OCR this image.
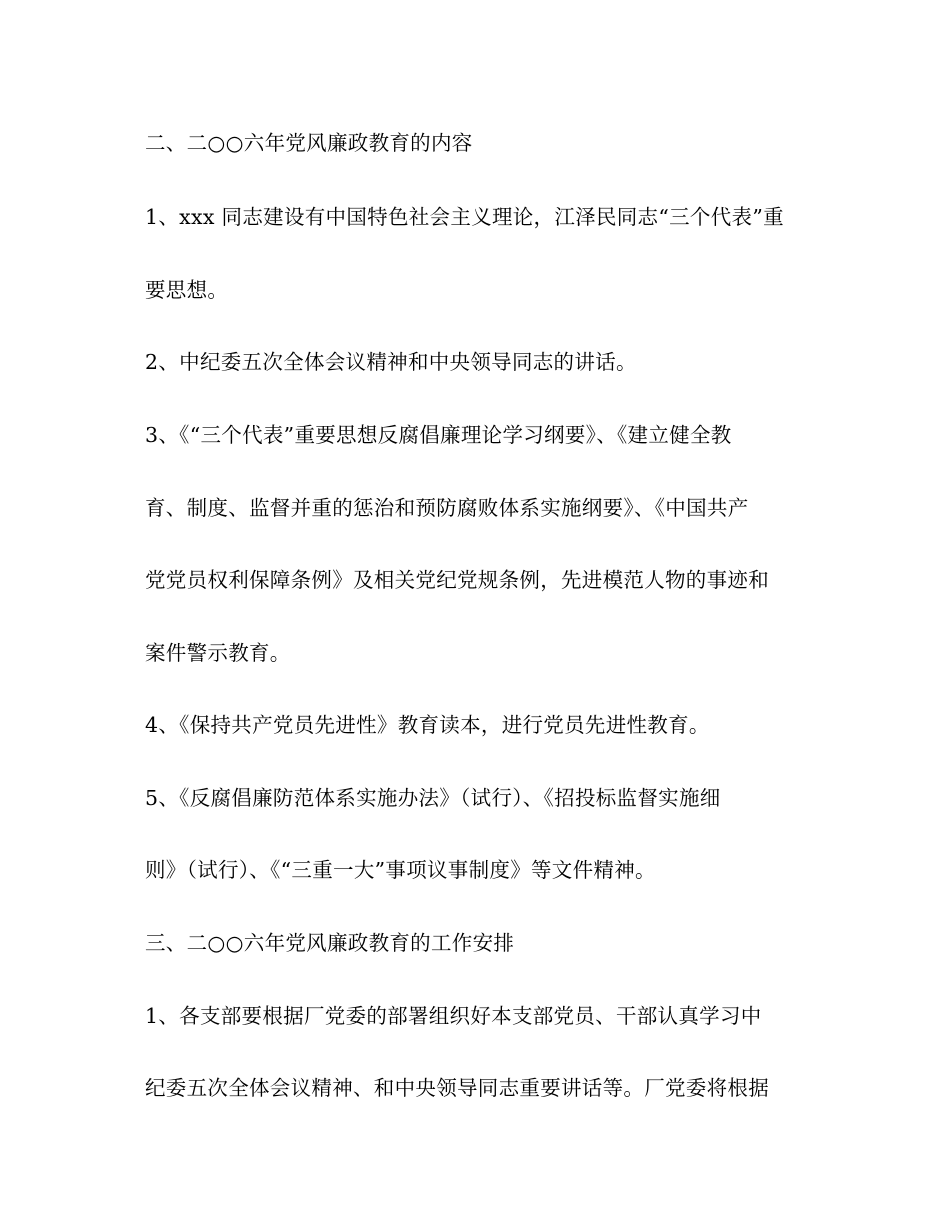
二、二○○六年党风廉政教育的内容
1、xxx 同志建设有中国特色社会主义理论，江泽民同志“三个代表”重
要思想。
2、中纪委五次全体会议精神和中央领导同志的讲话。
3、《“三个代表”重要思想反腐倡廉理论学习纲要》、《建立健全教
育、制度、监督并重的惩治和预防腐败体系实施纲要》、《中国共产
党党员权利保障条例》及相关党纪党规条例，先进模范人物的事迹和
案件警示教育。
4、《保持共产党员先进性》教育读本，进行党员先进性教育。
5、《反腐倡廉防范体系实施办法》（试行）、《招投标监督实施细
则》（试行）、《“三重一大”事项议事制度》等文件精神。
三、二○○六年党风廉政教育的工作安排
1、各支部要根据厂党委的部署组织好本支部党员、干部认真学习中
纪委五次全体会议精神、和中央领导同志重要讲话等。厂党委将根据
